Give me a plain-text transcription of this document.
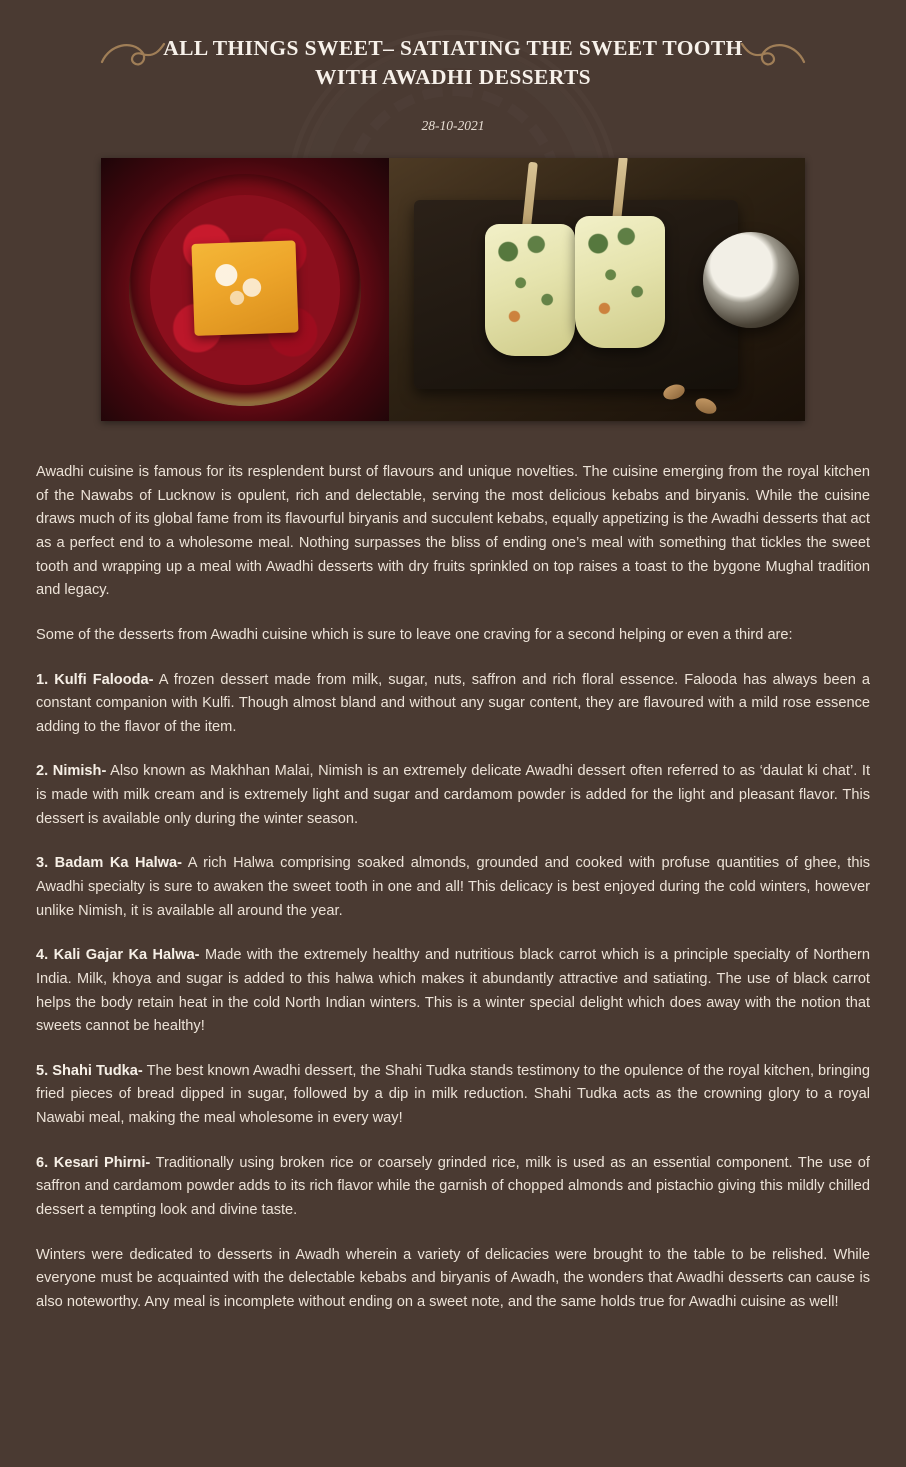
ALL THINGS SWEET– SATIATING THE SWEET TOOTH WITH AWADHI DESSERTS
28-10-2021

Awadhi cuisine is famous for its resplendent burst of flavours and unique novelties. The cuisine emerging from the royal kitchen of the Nawabs of Lucknow is opulent, rich and delectable, serving the most delicious kebabs and biryanis. While the cuisine draws much of its global fame from its flavourful biryanis and succulent kebabs, equally appetizing is the Awadhi desserts that act as a perfect end to a wholesome meal. Nothing surpasses the bliss of ending one’s meal with something that tickles the sweet tooth and wrapping up a meal with Awadhi desserts with dry fruits sprinkled on top raises a toast to the bygone Mughal tradition and legacy.

Some of the desserts from Awadhi cuisine which is sure to leave one craving for a second helping or even a third are:

1. Kulfi Falooda- A frozen dessert made from milk, sugar, nuts, saffron and rich floral essence. Falooda has always been a constant companion with Kulfi. Though almost bland and without any sugar content, they are flavoured with a mild rose essence adding to the flavor of the item.

2. Nimish- Also known as Makhhan Malai, Nimish is an extremely delicate Awadhi dessert often referred to as ‘daulat ki chat’. It is made with milk cream and is extremely light and sugar and cardamom powder is added for the light and pleasant flavor. This dessert is available only during the winter season.

3. Badam Ka Halwa- A rich Halwa comprising soaked almonds, grounded and cooked with profuse quantities of ghee, this Awadhi specialty is sure to awaken the sweet tooth in one and all! This delicacy is best enjoyed during the cold winters, however unlike Nimish, it is available all around the year.

4. Kali Gajar Ka Halwa- Made with the extremely healthy and nutritious black carrot which is a principle specialty of Northern India. Milk, khoya and sugar is added to this halwa which makes it abundantly attractive and satiating. The use of black carrot helps the body retain heat in the cold North Indian winters. This is a winter special delight which does away with the notion that sweets cannot be healthy!

5. Shahi Tudka- The best known Awadhi dessert, the Shahi Tudka stands testimony to the opulence of the royal kitchen, bringing fried pieces of bread dipped in sugar, followed by a dip in milk reduction. Shahi Tudka acts as the crowning glory to a royal Nawabi meal, making the meal wholesome in every way!

6. Kesari Phirni- Traditionally using broken rice or coarsely grinded rice, milk is used as an essential component. The use of saffron and cardamom powder adds to its rich flavor while the garnish of chopped almonds and pistachio giving this mildly chilled dessert a tempting look and divine taste.

Winters were dedicated to desserts in Awadh wherein a variety of delicacies were brought to the table to be relished. While everyone must be acquainted with the delectable kebabs and biryanis of Awadh, the wonders that Awadhi desserts can cause is also noteworthy. Any meal is incomplete without ending on a sweet note, and the same holds true for Awadhi cuisine as well!
